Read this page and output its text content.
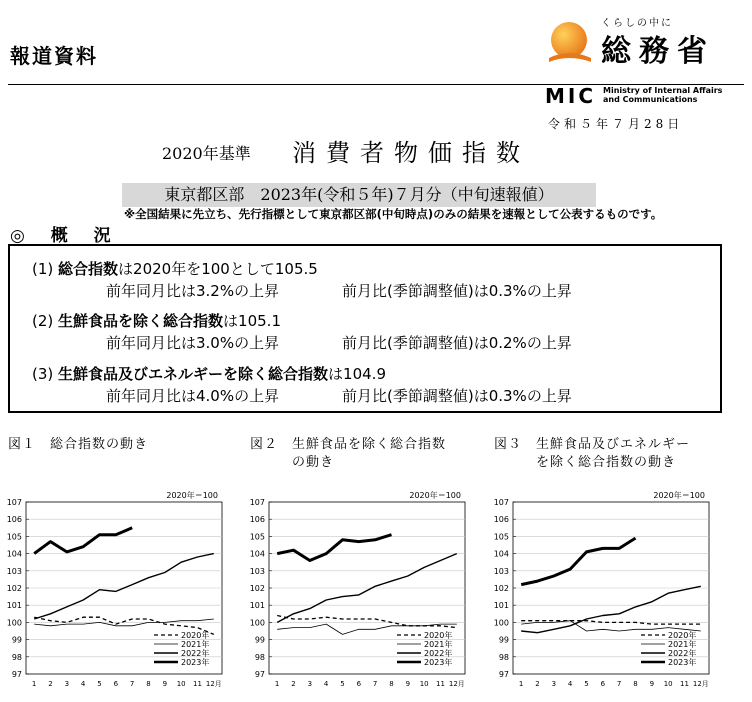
報道資料
くらしの中に
総務省
MIC Ministry of Internal Affairs
and Communications
令和５年７月28日
2020年基準 消費者物価指数
東京都区部　2023年(令和５年)７月分（中旬速報値）
※全国結果に先立ち、先行指標として東京都区部(中旬時点)のみの結果を速報として公表するものです。
◎ 概 況
(1) 総合指数は2020年を100として105.5
前年同月比は3.2%の上昇	前月比(季節調整値)は0.3%の上昇
(2) 生鮮食品を除く総合指数は105.1
前年同月比は3.0%の上昇	前月比(季節調整値)は0.2%の上昇
(3) 生鮮食品及びエネルギーを除く総合指数は104.9
前年同月比は4.0%の上昇	前月比(季節調整値)は0.3%の上昇
図１　総合指数の動き	図２　生鮮食品を除く総合指数
の動き
図３　生鮮食品及びエネルギー
を除く総合指数の動き
2020年＝100
97
98
99
100
101
102
103
104
105
106
107
1 2 3 4 5 6 7 8 9 10 11 12月
2020年
2021年
2022年
2023年
2020年＝100
97
98
99
100
101
102
103
104
105
106
107
1 2 3 4 5 6 7 8 9 10 11 12月
2020年
2021年
2022年
2023年
2020年＝100
97
98
99
100
101
102
103
104
105
106
107
1 2 3 4 5 6 7 8 9 10 11 12月
2020年
2021年
2022年
2023年
